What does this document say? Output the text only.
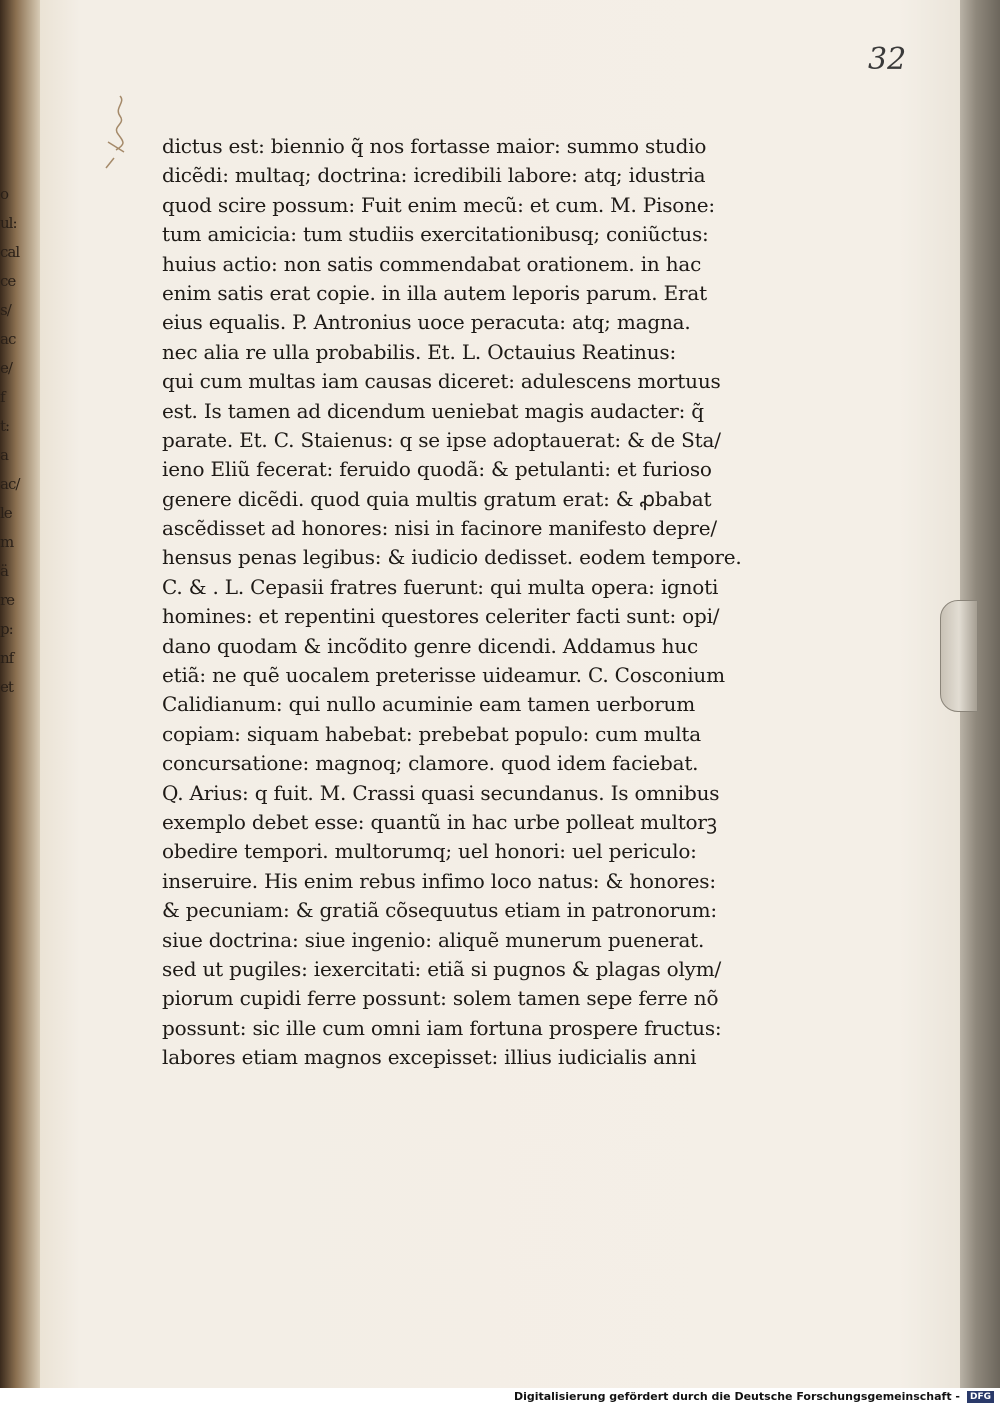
o
ul:
cal
ce
s/
ac
e/
f
t:
a
ac/
le
m
ä
re
p:
nf
et
32
dictus est: biennio q̃ nos fortasse maior: summo studio
dicẽdi: multaq; doctrina: icredibili labore: atq; idustria
quod scire possum: Fuit enim mecũ: et cum. M. Pisone:
tum amicicia: tum studiis exercitationibusq; coniũctus:
huius actio: non satis commendabat orationem. in hac
enim satis erat copie. in illa autem leporis parum. Erat
eius equalis. P. Antronius uoce peracuta: atq; magna.
nec alia re ulla probabilis. Et. L. Octauius Reatinus:
qui cum multas iam causas diceret: adulescens mortuus
est. Is tamen ad dicendum ueniebat magis audacter: q̃
parate. Et. C. Staienus: q se ipse adoptauerat: & de Sta/
ieno Eliũ fecerat: feruido quodã: & petulanti: et furioso
genere dicẽdi. quod quia multis gratum erat: & ꝓbabat
ascẽdisset ad honores: nisi in facinore manifesto depre/
hensus penas legibus: & iudicio dedisset. eodem tempore.
C. & . L. Cepasii fratres fuerunt: qui multa opera: ignoti
homines: et repentini questores celeriter facti sunt: opi/
dano quodam & incõdito genre dicendi. Addamus huc
etiã: ne quẽ uocalem preterisse uideamur. C. Cosconium
Calidianum: qui nullo acuminie eam tamen uerborum
copiam: siquam habebat: prebebat populo: cum multa
concursatione: magnoq; clamore. quod idem faciebat.
Q. Arius: q fuit. M. Crassi quasi secundanus. Is omnibus
exemplo debet esse: quantũ in hac urbe polleat multorꝫ
obedire tempori. multorumq; uel honori: uel periculo:
inseruire. His enim rebus infimo loco natus: & honores:
& pecuniam: & gratiã cõsequutus etiam in patronorum:
siue doctrina: siue ingenio: aliquẽ munerum puenerat.
sed ut pugiles: iexercitati: etiã si pugnos & plagas olym/
piorum cupidi ferre possunt: solem tamen sepe ferre nõ
possunt: sic ille cum omni iam fortuna prospere fructus:
labores etiam magnos excepisset: illius iudicialis anni
Digitalisierung gefördert durch die Deutsche Forschungsgemeinschaft -	DFG
